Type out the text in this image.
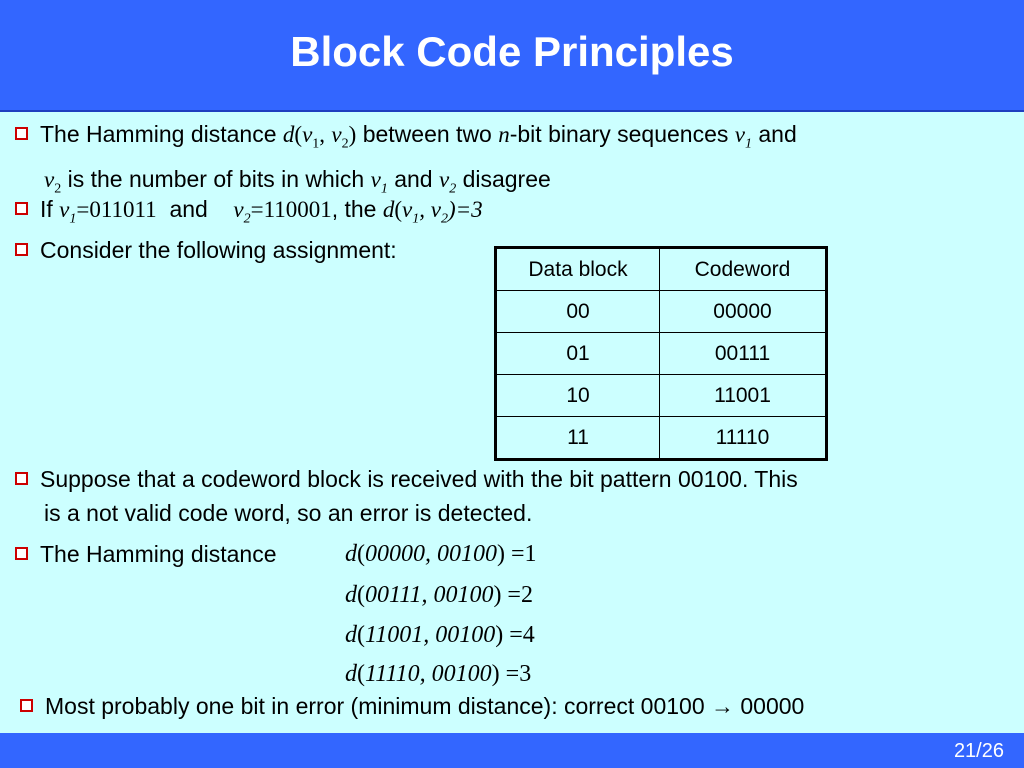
Block Code Principles
The Hamming distance $d(v_1$, $v_2$) between two n-bit binary sequences $v_1$ and
$v_2$ is the number of bits in which $v_1$ and $v_2$ disagree
If $v_1=011011$  and    $v_2=110001$, the $d(v_1$, $v_2)=3$
Consider the following assignment:
Data block	Codeword
00	00000
01	00111
10	11001
11	11110
Suppose that a codeword block is received with the bit pattern 00100. This
is a not valid code word, so an error is detected.
The Hamming distance	d(00000, 00100) =1
d(00111, 00100) =2
d(11001, 00100) =4
d(11110, 00100) =3
Most probably one bit in error (minimum distance): correct 00100 → 00000
21/26
